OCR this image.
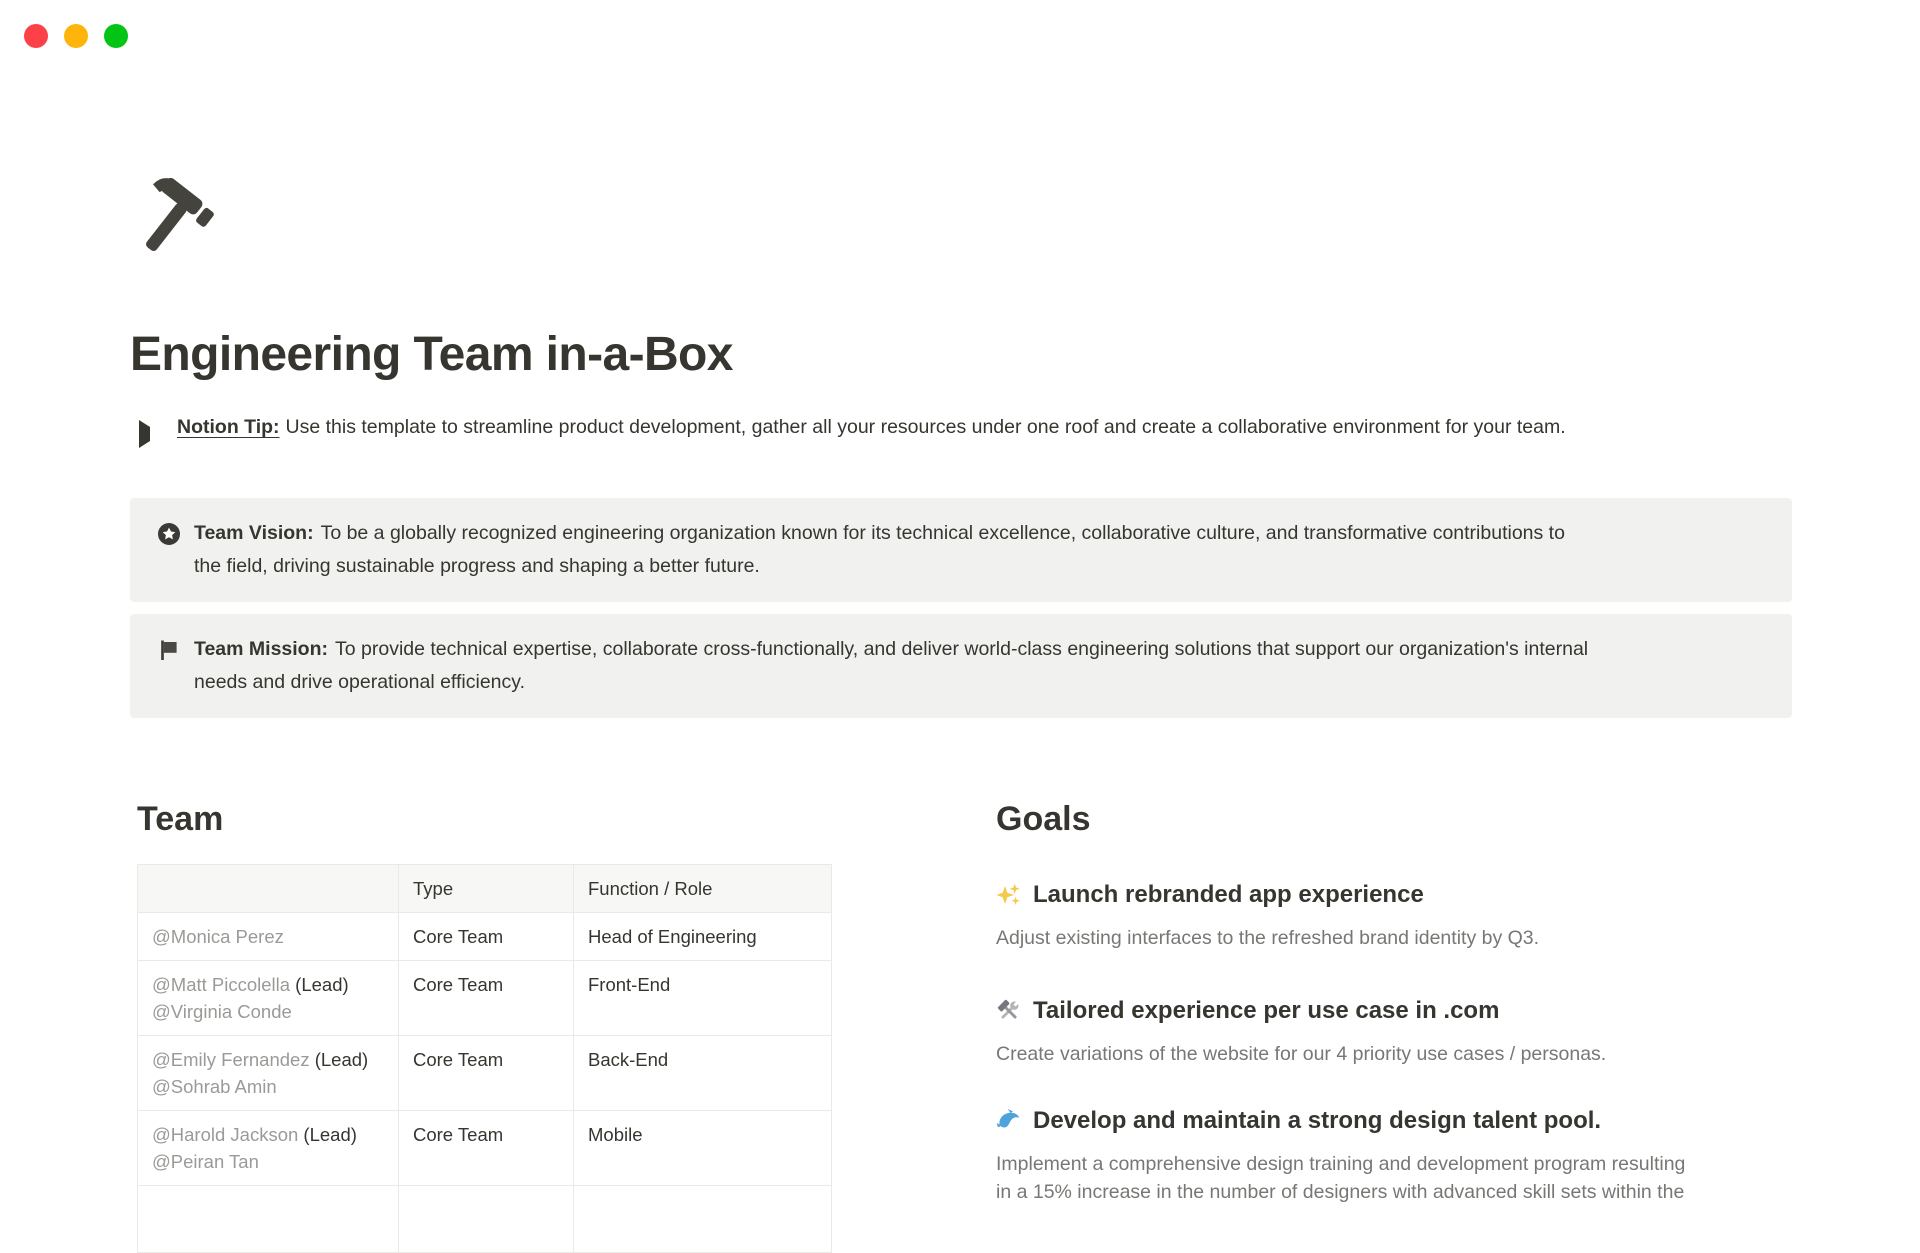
Engineering Team in-a-Box
Notion Tip: Use this template to streamline product development, gather all your resources under one roof and create a collaborative environment for your team.
Team Vision: To be a globally recognized engineering organization known for its technical excellence, collaborative culture, and transformative contributions to
the field, driving sustainable progress and shaping a better future.
Team Mission: To provide technical expertise, collaborate cross-functionally, and deliver world-class engineering solutions that support our organization's internal
needs and drive operational efficiency.
Team
	Type	Function / Role

@Monica Perez	Core Team	Head of Engineering

@Matt Piccolella (Lead)
@Virginia Conde	Core Team	Front-End

@Emily Fernandez (Lead)
@Sohrab Amin	Core Team	Back-End

@Harold Jackson (Lead)
@Peiran Tan	Core Team	Mobile

Goals
Launch rebranded app experience
Adjust existing interfaces to the refreshed brand identity by Q3.
Tailored experience per use case in .com
Create variations of the website for our 4 priority use cases / personas.
Develop and maintain a strong design talent pool.
Implement a comprehensive design training and development program resulting
in a 15% increase in the number of designers with advanced skill sets within the
